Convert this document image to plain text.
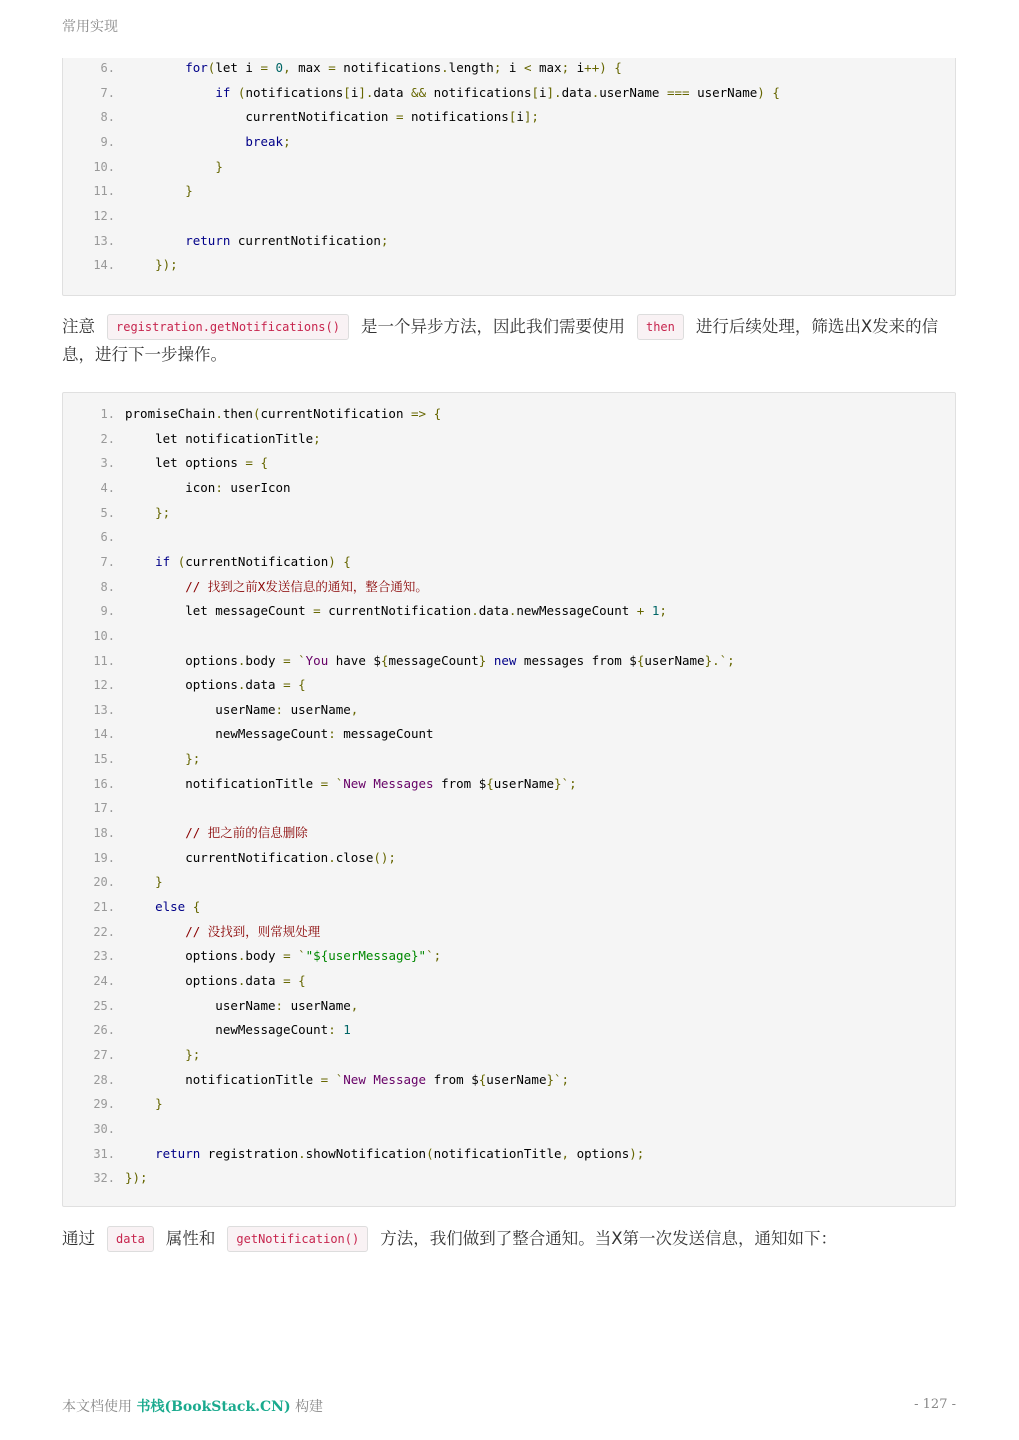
常用实现
6.	for(let i = 0, max = notifications.length; i < max; i++) {
7.	if (notifications[i].data && notifications[i].data.userName === userName) {
8. currentNotification = notifications[i];
9.	break;
10.	}
11.	}
12.
13.	return currentNotification;
14.	});
注意 registration.getNotifications() 是一个异步方法，因此我们需要使用 then 进行后续处理，筛选出X发来的信息，进行下一步操作。
1. promiseChain.then(currentNotification => {
2. let notificationTitle;
3. let options = {
4. icon: userIcon
5.	};
6.
7.	if (currentNotification) {
8.	// 找到之前X发送信息的通知，整合通知。
9. let messageCount = currentNotification.data.newMessageCount + 1;
10.
11. options.body = `You have ${messageCount} new messages from ${userName}.`;
12. options.data = {
13. userName: userName,
14. newMessageCount: messageCount
15.	};
16. notificationTitle = `New Messages from ${userName}`;
17.
18.	// 把之前的信息删除
19. currentNotification.close();
20.	}
21.	else {
22.	// 没找到，则常规处理
23. options.body = `"${userMessage}"`;
24. options.data = {
25. userName: userName,
26. newMessageCount: 1
27.	};
28. notificationTitle = `New Message from ${userName}`;
29.	}
30.
31.	return registration.showNotification(notificationTitle, options);
32. });
通过 data 属性和 getNotification() 方法，我们做到了整合通知。当X第一次发送信息，通知如下：
本文档使用 书栈(BookStack.CN) 构建	- 127 -
